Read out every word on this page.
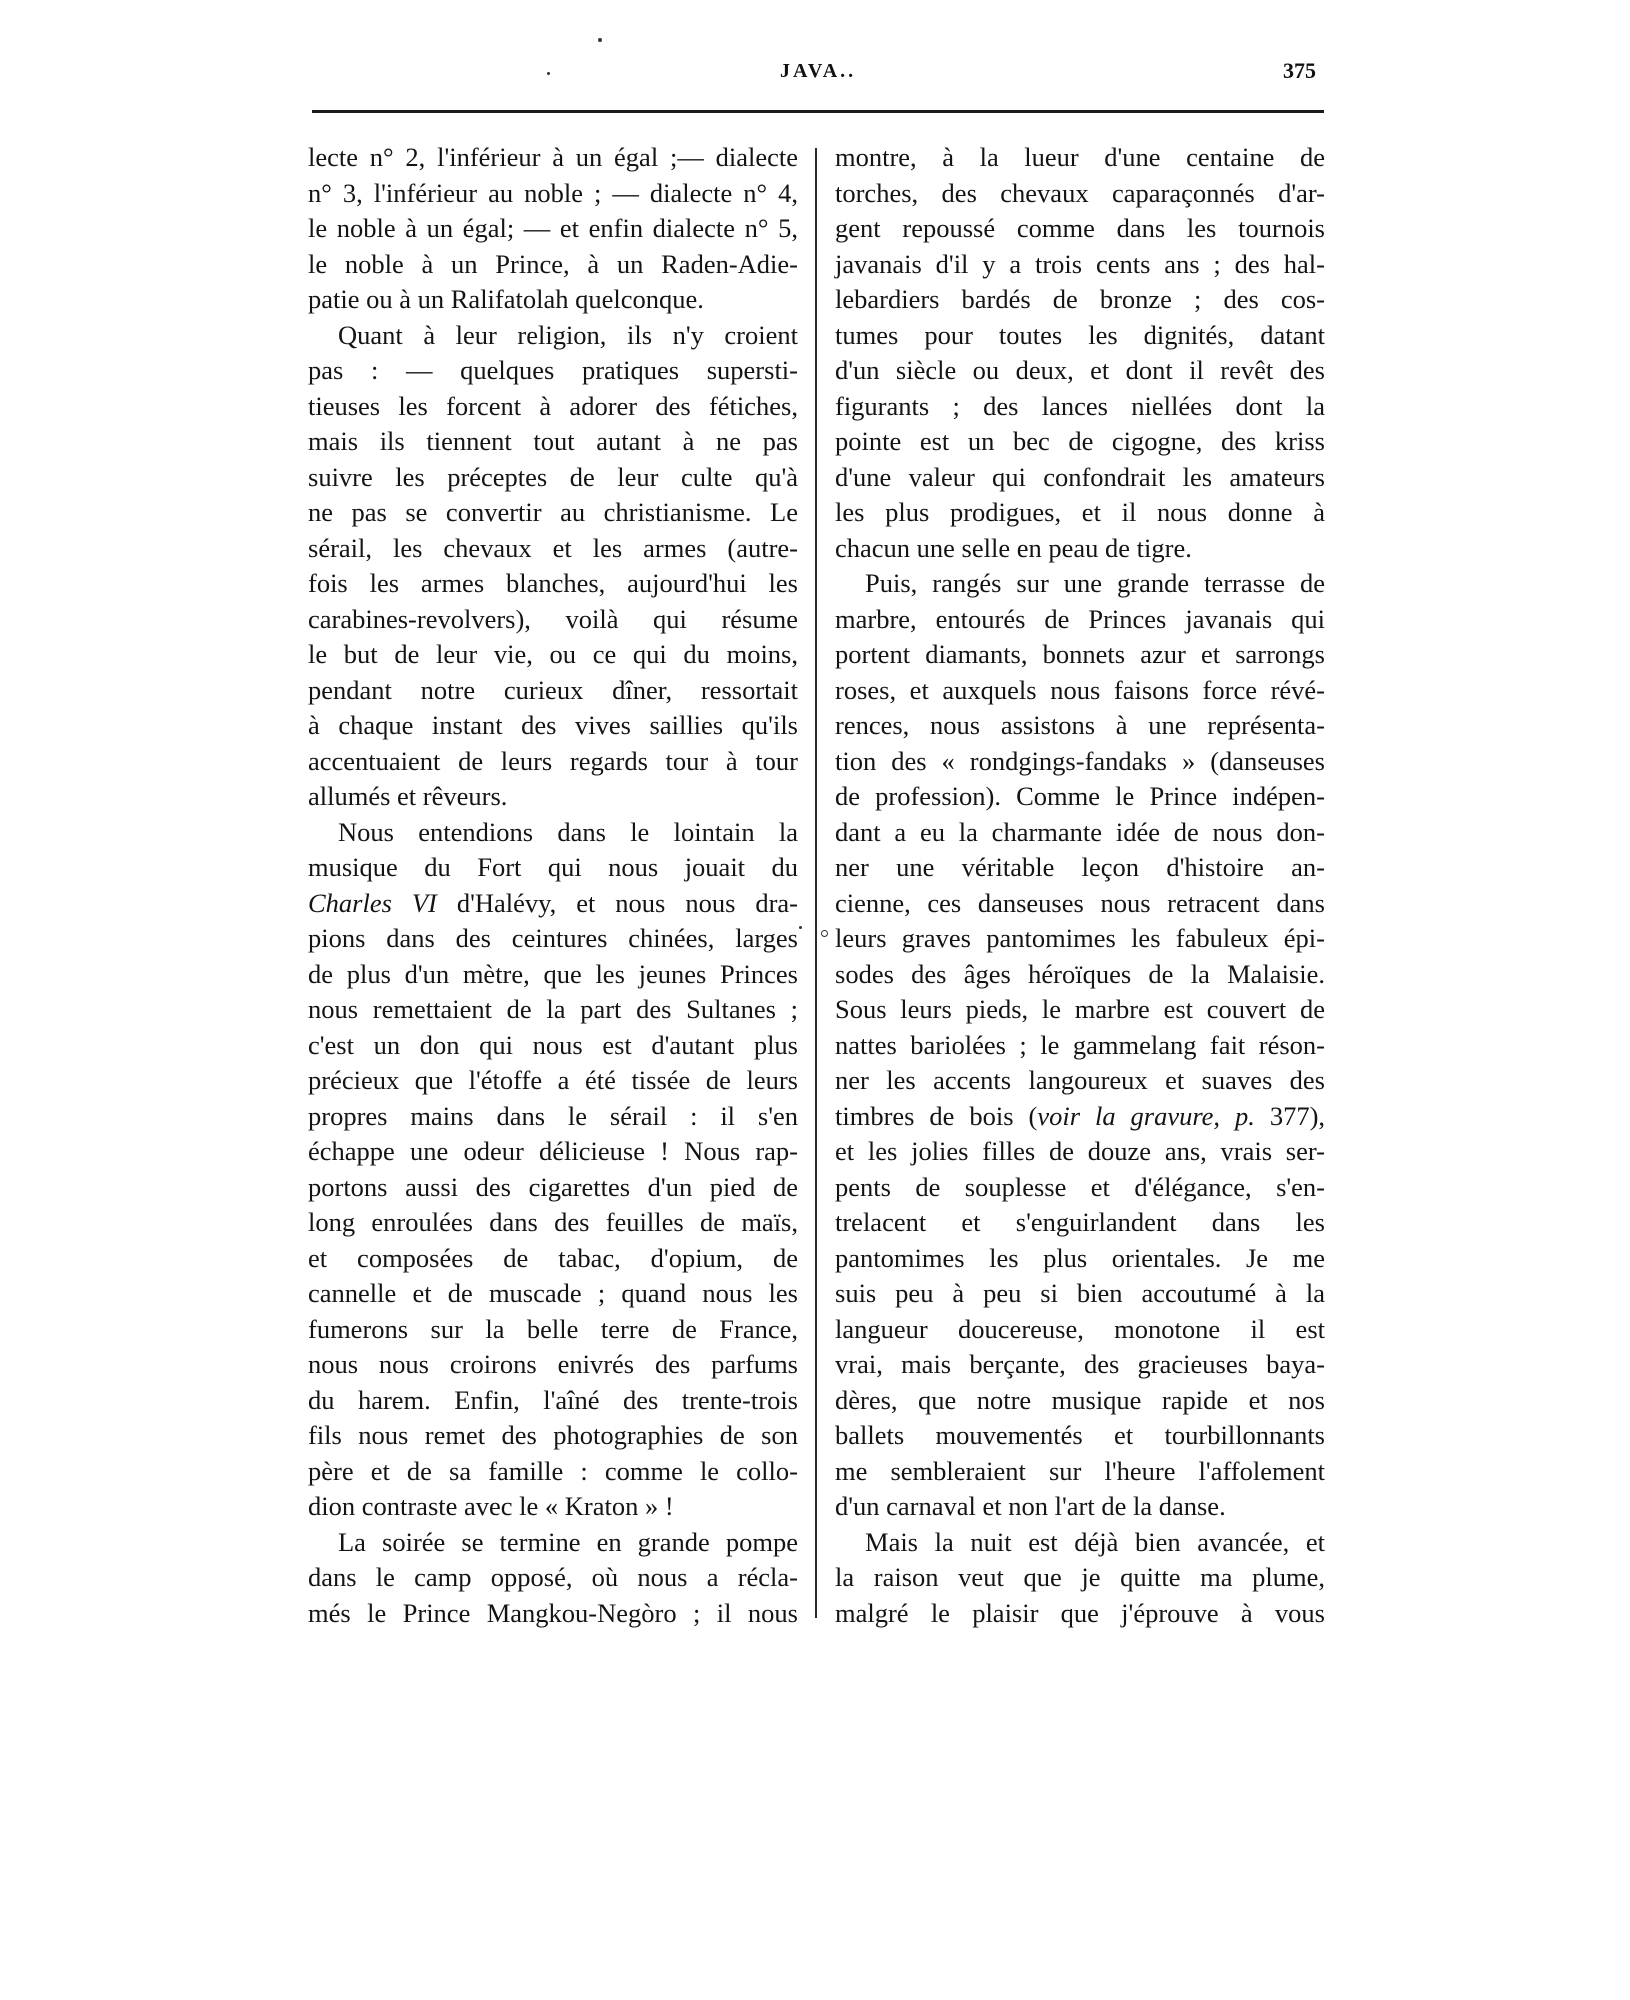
JAVA..	375
lecte n° 2, l'inférieur à un égal ;— dialecte
n° 3, l'inférieur au noble ; — dialecte n° 4,
le noble à un égal; — et enfin dialecte n° 5,
le noble à un Prince, à un Raden-Adie-
patie ou à un Ralifatolah quelconque.
Quant à leur religion, ils n'y croient
pas : — quelques pratiques supersti-
tieuses les forcent à adorer des fétiches,
mais ils tiennent tout autant à ne pas
suivre les préceptes de leur culte qu'à
ne pas se convertir au christianisme. Le
sérail, les chevaux et les armes (autre-
fois les armes blanches, aujourd'hui les
carabines-revolvers), voilà qui résume
le but de leur vie, ou ce qui du moins,
pendant notre curieux dîner, ressortait
à chaque instant des vives saillies qu'ils
accentuaient de leurs regards tour à tour
allumés et rêveurs.
Nous entendions dans le lointain la
musique du Fort qui nous jouait du
Charles VI d'Halévy, et nous nous dra-
pions dans des ceintures chinées, larges
de plus d'un mètre, que les jeunes Princes
nous remettaient de la part des Sultanes ;
c'est un don qui nous est d'autant plus
précieux que l'étoffe a été tissée de leurs
propres mains dans le sérail : il s'en
échappe une odeur délicieuse ! Nous rap-
portons aussi des cigarettes d'un pied de
long enroulées dans des feuilles de maïs,
et composées de tabac, d'opium, de
cannelle et de muscade ; quand nous les
fumerons sur la belle terre de France,
nous nous croirons enivrés des parfums
du harem. Enfin, l'aîné des trente-trois
fils nous remet des photographies de son
père et de sa famille : comme le collo-
dion contraste avec le « Kraton » !
La soirée se termine en grande pompe
dans le camp opposé, où nous a récla-
més le Prince Mangkou-Negòro ; il nous
montre, à la lueur d'une centaine de
torches, des chevaux caparaçonnés d'ar-
gent repoussé comme dans les tournois
javanais d'il y a trois cents ans ; des hal-
lebardiers bardés de bronze ; des cos-
tumes pour toutes les dignités, datant
d'un siècle ou deux, et dont il revêt des
figurants ; des lances niellées dont la
pointe est un bec de cigogne, des kriss
d'une valeur qui confondrait les amateurs
les plus prodigues, et il nous donne à
chacun une selle en peau de tigre.
Puis, rangés sur une grande terrasse de
marbre, entourés de Princes javanais qui
portent diamants, bonnets azur et sarrongs
roses, et auxquels nous faisons force révé-
rences, nous assistons à une représenta-
tion des « rondgings-fandaks » (danseuses
de profession). Comme le Prince indépen-
dant a eu la charmante idée de nous don-
ner une véritable leçon d'histoire an-
cienne, ces danseuses nous retracent dans
leurs graves pantomimes les fabuleux épi-
sodes des âges héroïques de la Malaisie.
Sous leurs pieds, le marbre est couvert de
nattes bariolées ; le gammelang fait réson-
ner les accents langoureux et suaves des
timbres de bois (voir la gravure, p. 377),
et les jolies filles de douze ans, vrais ser-
pents de souplesse et d'élégance, s'en-
trelacent et s'enguirlandent dans les
pantomimes les plus orientales. Je me
suis peu à peu si bien accoutumé à la
langueur doucereuse, monotone il est
vrai, mais berçante, des gracieuses baya-
dères, que notre musique rapide et nos
ballets mouvementés et tourbillonnants
me sembleraient sur l'heure l'affolement
d'un carnaval et non l'art de la danse.
Mais la nuit est déjà bien avancée, et
la raison veut que je quitte ma plume,
malgré le plaisir que j'éprouve à vous
